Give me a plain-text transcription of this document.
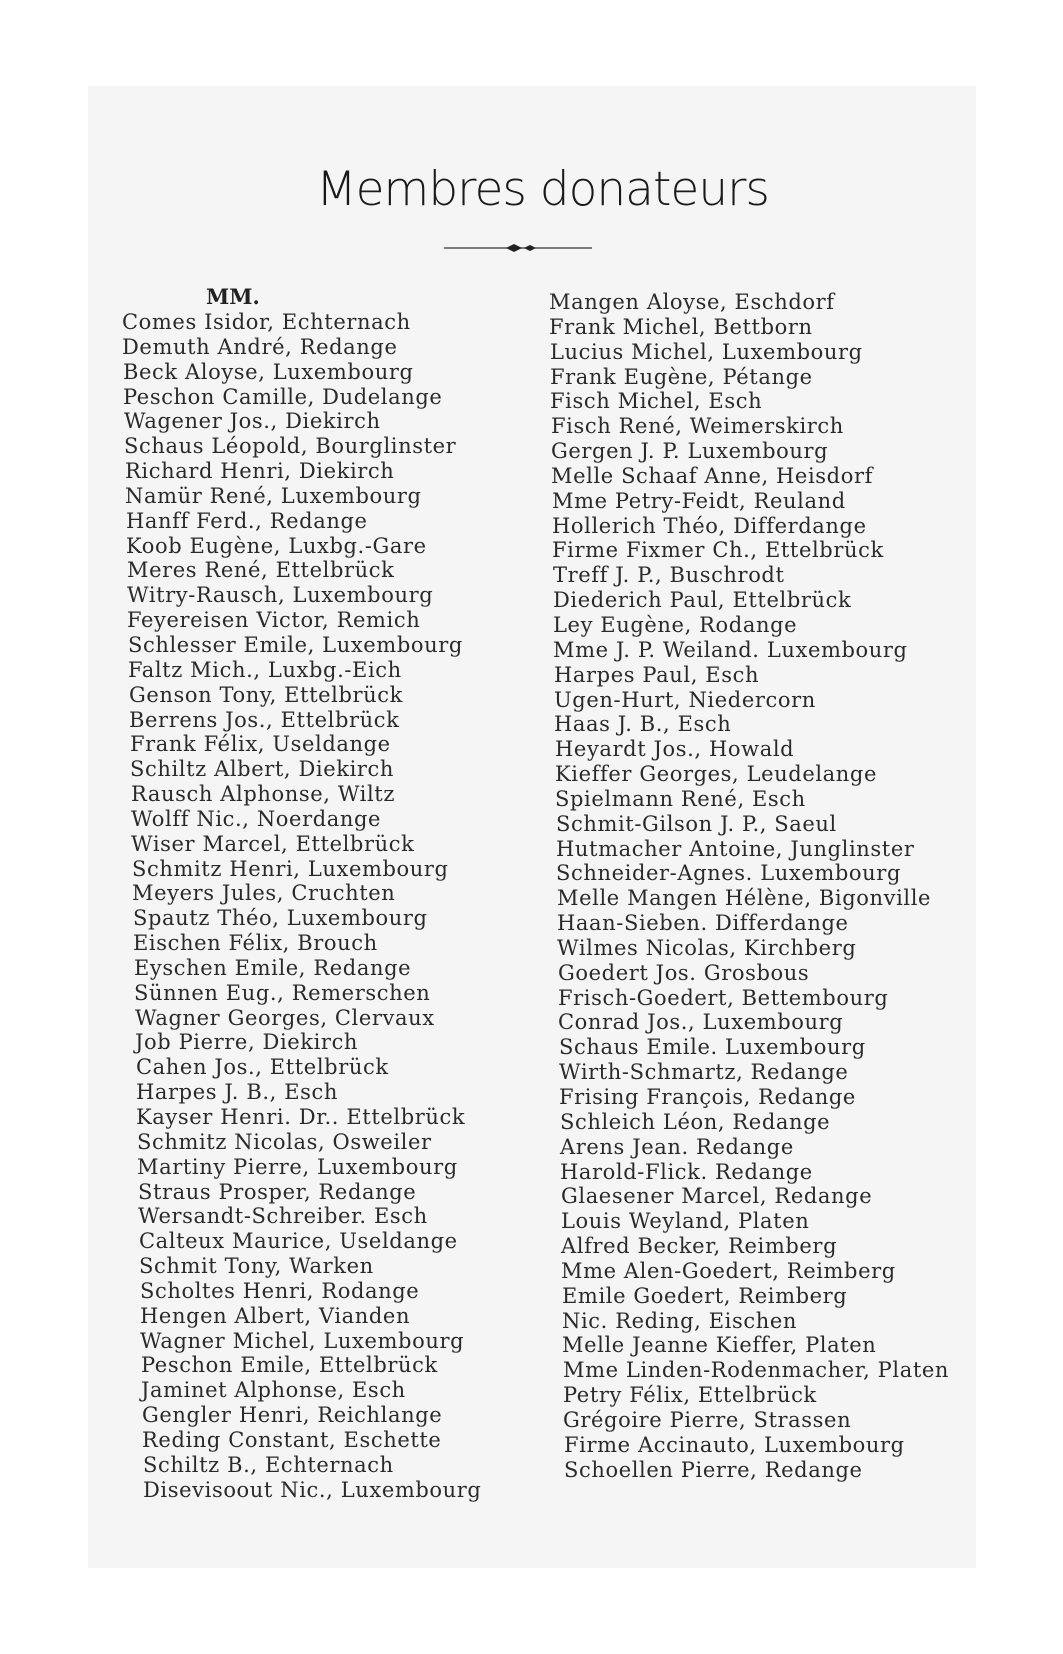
Membres donateurs
MM.
Comes Isidor, Echternach
Demuth André, Redange
Beck Aloyse, Luxembourg
Peschon Camille, Dudelange
Wagener Jos., Diekirch
Schaus Léopold, Bourglinster
Richard Henri, Diekirch
Namür René, Luxembourg
Hanff Ferd., Redange
Koob Eugène, Luxbg.-Gare
Meres René, Ettelbrück
Witry-Rausch, Luxembourg
Feyereisen Victor, Remich
Schlesser Emile, Luxembourg
Faltz Mich., Luxbg.-Eich
Genson Tony, Ettelbrück
Berrens Jos., Ettelbrück
Frank Félix, Useldange
Schiltz Albert, Diekirch
Rausch Alphonse, Wiltz
Wolff Nic., Noerdange
Wiser Marcel, Ettelbrück
Schmitz Henri, Luxembourg
Meyers Jules, Cruchten
Spautz Théo, Luxembourg
Eischen Félix, Brouch
Eyschen Emile, Redange
Sünnen Eug., Remerschen
Wagner Georges, Clervaux
Job Pierre, Diekirch
Cahen Jos., Ettelbrück
Harpes J. B., Esch
Kayser Henri. Dr.. Ettelbrück
Schmitz Nicolas, Osweiler
Martiny Pierre, Luxembourg
Straus Prosper, Redange
Wersandt-Schreiber. Esch
Calteux Maurice, Useldange
Schmit Tony, Warken
Scholtes Henri, Rodange
Hengen Albert, Vianden
Wagner Michel, Luxembourg
Peschon Emile, Ettelbrück
Jaminet Alphonse, Esch
Gengler Henri, Reichlange
Reding Constant, Eschette
Schiltz B., Echternach
Disevisoout Nic., Luxembourg
Mangen Aloyse, Eschdorf
Frank Michel, Bettborn
Lucius Michel, Luxembourg
Frank Eugène, Pétange
Fisch Michel, Esch
Fisch René, Weimerskirch
Gergen J. P. Luxembourg
Melle Schaaf Anne, Heisdorf
Mme Petry-Feidt, Reuland
Hollerich Théo, Differdange
Firme Fixmer Ch., Ettelbrück
Treff J. P., Buschrodt
Diederich Paul, Ettelbrück
Ley Eugène, Rodange
Mme J. P. Weiland. Luxembourg
Harpes Paul, Esch
Ugen-Hurt, Niedercorn
Haas J. B., Esch
Heyardt Jos., Howald
Kieffer Georges, Leudelange
Spielmann René, Esch
Schmit-Gilson J. P., Saeul
Hutmacher Antoine, Junglinster
Schneider-Agnes. Luxembourg
Melle Mangen Hélène, Bigonville
Haan-Sieben. Differdange
Wilmes Nicolas, Kirchberg
Goedert Jos. Grosbous
Frisch-Goedert, Bettembourg
Conrad Jos., Luxembourg
Schaus Emile. Luxembourg
Wirth-Schmartz, Redange
Frising François, Redange
Schleich Léon, Redange
Arens Jean. Redange
Harold-Flick. Redange
Glaesener Marcel, Redange
Louis Weyland, Platen
Alfred Becker, Reimberg
Mme Alen-Goedert, Reimberg
Emile Goedert, Reimberg
Nic. Reding, Eischen
Melle Jeanne Kieffer, Platen
Mme Linden-Rodenmacher, Platen
Petry Félix, Ettelbrück
Grégoire Pierre, Strassen
Firme Accinauto, Luxembourg
Schoellen Pierre, Redange
